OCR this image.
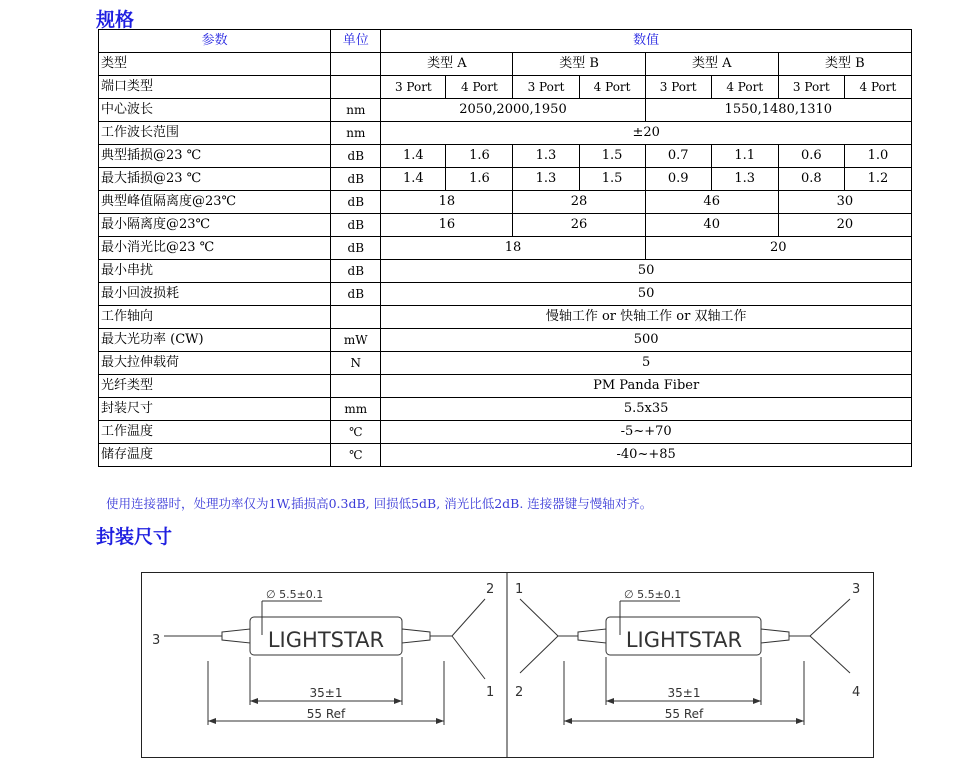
规格
参数	单位	数值							
类型		类型 A		类型 B		类型 A		类型 B	
端口类型		3 Port	4 Port	3 Port	4 Port	3 Port	4 Port	3 Port	4 Port
中心波长	nm	2050,2000,1950				1550,1480,1310			
工作波长范围	nm	±20							
典型插损@23 ℃	dB	1.4	1.6	1.3	1.5	0.7	1.1	0.6	1.0
最大插损@23 ℃	dB	1.4	1.6	1.3	1.5	0.9	1.3	0.8	1.2
典型峰值隔离度@23℃	dB	18		28		46		30	
最小隔离度@23℃	dB	16		26		40		20	
最小消光比@23 ℃	dB	18				20			
最小串扰	dB	50							
最小回波损耗	dB	50							
工作轴向		慢轴工作 or 快轴工作 or 双轴工作							
最大光功率 (CW)	mW	500							
最大拉伸载荷	N	5							
光纤类型		PM Panda Fiber							
封装尺寸	mm	5.5x35							
工作温度	℃	-5~+70							
储存温度	℃	-40~+85							
使用连接器时，处理功率仅为1W,插损高0.3dB, 回损低5dB, 消光比低2dB. 连接器键与慢轴对齐。
封装尺寸
LIGHTSTAR
∅ 5.5±0.1
35±1
55 Ref
3
2
1
LIGHTSTAR
∅ 5.5±0.1
35±1
55 Ref
1
2
3
4
